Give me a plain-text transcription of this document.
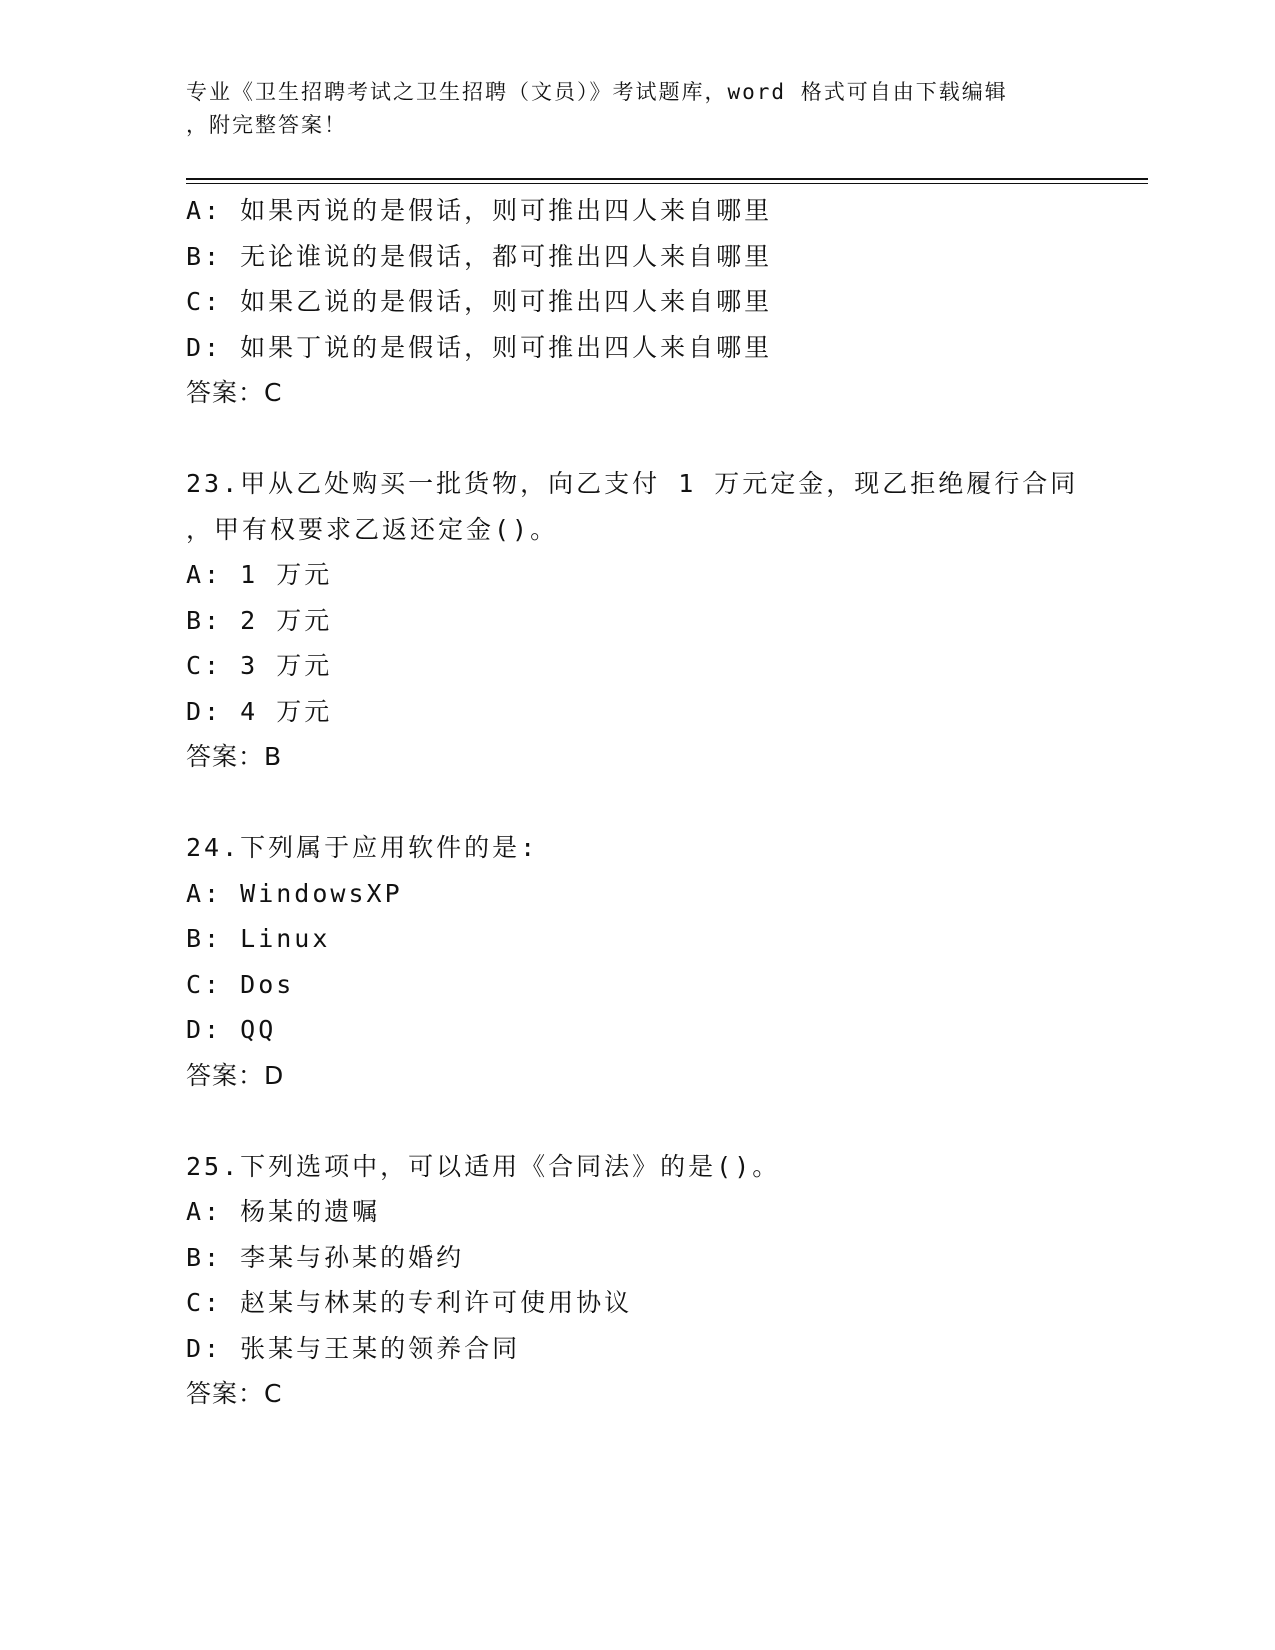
专业《卫生招聘考试之卫生招聘（文员）》考试题库，word 格式可自由下载编辑
，附完整答案！
A: 如果丙说的是假话，则可推出四人来自哪里
B: 无论谁说的是假话，都可推出四人来自哪里
C: 如果乙说的是假话，则可推出四人来自哪里
D: 如果丁说的是假话，则可推出四人来自哪里
答案：C
23.甲从乙处购买一批货物，向乙支付 1 万元定金，现乙拒绝履行合同
，甲有权要求乙返还定金()。
A: 1 万元
B: 2 万元
C: 3 万元
D: 4 万元
答案：B
24.下列属于应用软件的是:
A: WindowsXP
B: Linux
C: Dos
D: QQ
答案：D
25.下列选项中，可以适用《合同法》的是()。
A: 杨某的遗嘱
B: 李某与孙某的婚约
C: 赵某与林某的专利许可使用协议
D: 张某与王某的领养合同
答案：C
